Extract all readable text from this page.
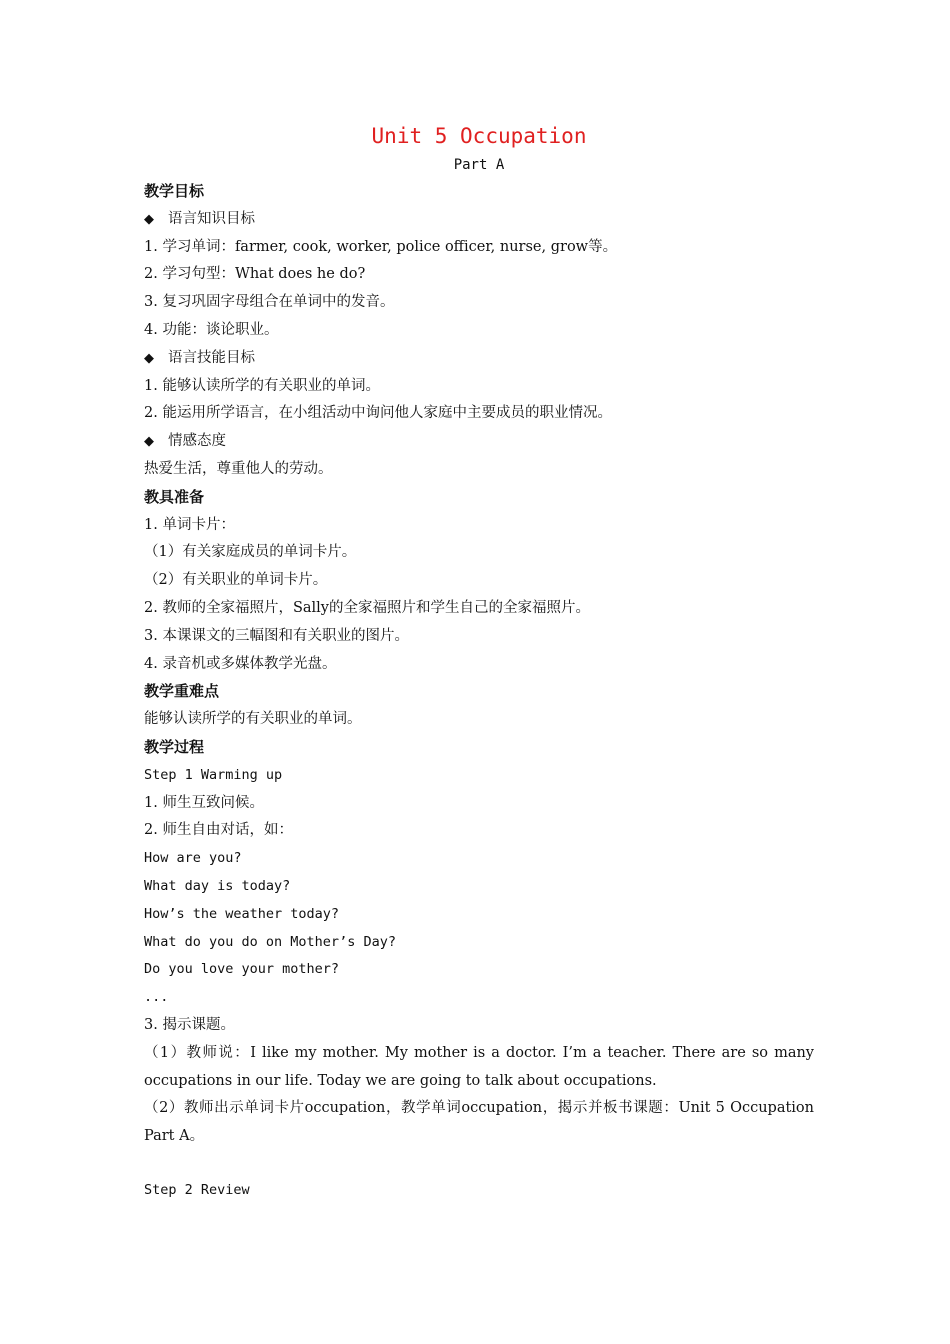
Unit 5 Occupation
Part A
教学目标
◆ 语言知识目标
1. 学习单词：farmer, cook, worker, police officer, nurse, grow等。
2. 学习句型：What does he do?
3. 复习巩固字母组合在单词中的发音。
4. 功能：谈论职业。
◆ 语言技能目标
1. 能够认读所学的有关职业的单词。
2. 能运用所学语言，在小组活动中询问他人家庭中主要成员的职业情况。
◆ 情感态度
热爱生活，尊重他人的劳动。
教具准备
1. 单词卡片：
（1）有关家庭成员的单词卡片。
（2）有关职业的单词卡片。
2. 教师的全家福照片，Sally的全家福照片和学生自己的全家福照片。
3. 本课课文的三幅图和有关职业的图片。
4. 录音机或多媒体教学光盘。
教学重难点
能够认读所学的有关职业的单词。
教学过程
Step 1 Warming up
1. 师生互致问候。
2. 师生自由对话，如：
How are you?
What day is today?
How’s the weather today?
What do you do on Mother’s Day?
Do you love your mother?
...
3. 揭示课题。
（1）教师说：I like my mother. My mother is a doctor. I’m a teacher. There are so many occupations in our life. Today we are going to talk about occupations.
（2）教师出示单词卡片occupation，教学单词occupation，揭示并板书课题：Unit 5 Occupation Part A。
Step 2 Review
